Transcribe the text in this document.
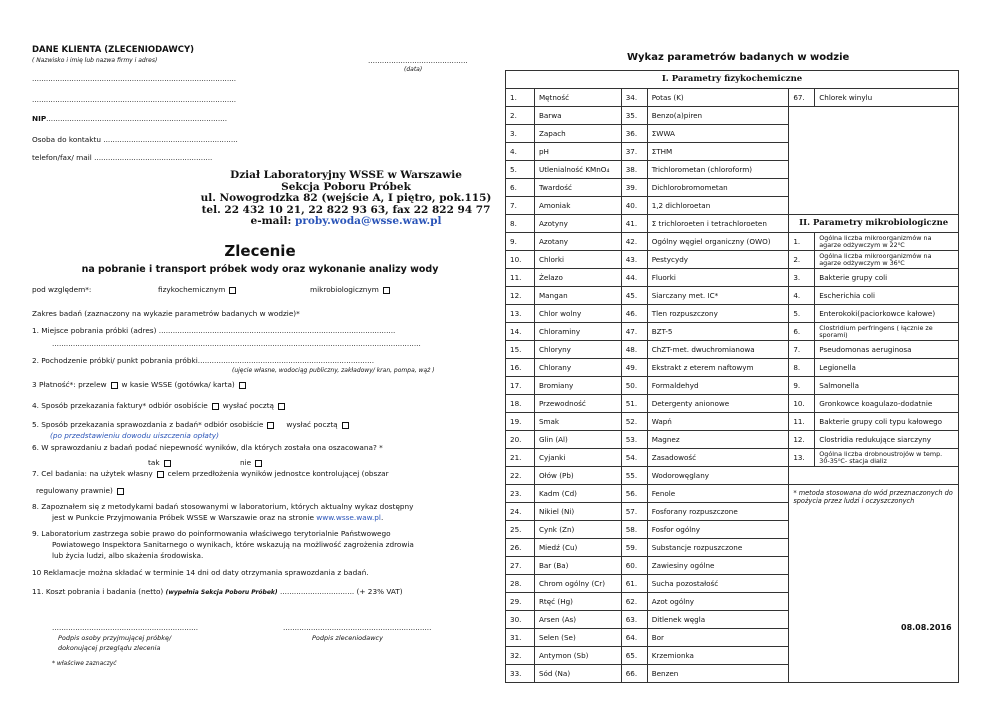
DANE KLIENTA (ZLECENIODAWCY)
( Nazwisko i imię lub nazwa firmy i adres)	...........................................
(data)
........................................................................................
........................................................................................
NIP..............................................................................
Osoba do kontaktu ..........................................................
telefon/fax/ mail ...................................................
Dział Laboratoryjny WSSE w Warszawie
Sekcja Poboru Próbek
ul. Nowogrodzka 82 (wejście A, I piętro, pok.115)
tel. 22 432 10 21, 22 822 93 63, fax 22 822 94 77
e-mail: proby.woda@wsse.waw.pl
Zlecenie
na pobranie i transport próbek wody oraz wykonanie analizy wody
pod względem*:	fizykochemicznym	mikrobiologicznym
Zakres badań (zaznaczony na wykazie parametrów badanych w wodzie)*
1. Miejsce pobrania próbki (adres) ......................................................................................................
...............................................................................................................................................................
2. Pochodzenie próbki/ punkt pobrania próbki............................................................................
(ujęcie własne, wodociąg publiczny, zakładowy/ kran, pompa, wąż )
3 Płatność*: przelew w kasie WSSE (gotówka/ karta)
4. Sposób przekazania faktury* odbiór osobiście wysłać pocztą
5. Sposób przekazania sprawozdania z badań* odbiór osobiście	wysłać pocztą
(po przedstawieniu dowodu uiszczenia opłaty)
6. W sprawozdaniu z badań podać niepewność wyników, dla których została ona oszacowana? *
tak	nie
7. Cel badania: na użytek własny celem przedłożenia wyników jednostce kontrolującej (obszar
regulowany prawnie)
8. Zapoznałem się z metodykami badań stosowanymi w laboratorium, których aktualny wykaz dostępny
jest w Punkcie Przyjmowania Próbek WSSE w Warszawie oraz na stronie www.wsse.waw.pl.
9. Laboratorium zastrzega sobie prawo do poinformowania właściwego terytorialnie Państwowego
Powiatowego Inspektora Sanitarnego o wynikach, które wskazują na możliwość zagrożenia zdrowia
lub życia ludzi, albo skażenia środowiska.
10 Reklamacje można składać w terminie 14 dni od daty otrzymania sprawozdania z badań.
11. Koszt pobrania i badania (netto) (wypełnia Sekcja Poboru Próbek) ................................ (+ 23% VAT)
...............................................................	................................................................
Podpis osoby przyjmującej próbkę/
dokonującej przeglądu zlecenia
Podpis zleceniodawcy
* właściwe zaznaczyć
Wykaz parametrów badanych w wodzie
I. Parametry fizykochemiczne					
1.	Mętność	34.	Potas (K)	67.	Chlorek winylu
2.	Barwa	35.	Benzo(a)piren		
3.	Zapach	36.	ΣWWA		
4.	pH	37.	ΣTHM		
5.	Utlenialność KMnO₄	38.	Trichlorometan (chloroform)		
6.	Twardość	39.	Dichlorobromometan		
7.	Amoniak	40.	1,2 dichloroetan		
8.	Azotyny	41.	Σ trichloroeten i tetrachloroeten	II. Parametry mikrobiologiczne	
9.	Azotany	42.	Ogólny węgiel organiczny (OWO)	1.	Ogólna liczba mikroorganizmów na agarze odżywczym w 22⁰C
10.	Chlorki	43.	Pestycydy	2.	Ogólna liczba mikroorganizmów na agarze odżywczym w 36⁰C
11.	Żelazo	44.	Fluorki	3.	Bakterie grupy coli
12.	Mangan	45.	Siarczany met. IC*	4.	Escherichia coli
13.	Chlor wolny	46.	Tlen rozpuszczony	5.	Enterokoki(paciorkowce kałowe)
14.	Chloraminy	47.	BZT-5	6.	Clostridium perfringens ( łącznie ze sporami)
15.	Chloryny	48.	ChZT-met. dwuchromianowa	7.	Pseudomonas aeruginosa
16.	Chlorany	49.	Ekstrakt z eterem naftowym	8.	Legionella
17.	Bromiany	50.	Formaldehyd	9.	Salmonella
18.	Przewodność	51.	Detergenty anionowe	10.	Gronkowce koagulazo-dodatnie
19.	Smak	52.	Wapń	11.	Bakterie grupy coli typu kałowego
20.	Glin (Al)	53.	Magnez	12.	Clostridia redukujące siarczyny
21.	Cyjanki	54.	Zasadowość	13.	Ogólna liczba drobnoustrojów w temp. 30-35⁰C- stacja dializ
22.	Ołów (Pb)	55.	Wodorowęglany		
23.	Kadm (Cd)	56.	Fenole	* metoda stosowana do wód przeznaczonych do spożycia przez ludzi i oczyszczonych	
24.	Nikiel (Ni)	57.	Fosforany rozpuszczone		
25.	Cynk (Zn)	58.	Fosfor ogólny		
26.	Miedź (Cu)	59.	Substancje rozpuszczone		
27.	Bar (Ba)	60.	Zawiesiny ogólne		
28.	Chrom ogólny (Cr)	61.	Sucha pozostałość		
29.	Rtęć (Hg)	62.	Azot ogólny		
30.	Arsen (As)	63.	Ditlenek węgla		
31.	Selen (Se)	64.	Bor		
32.	Antymon (Sb)	65.	Krzemionka		
33.	Sód (Na)	66.	Benzen		
08.08.2016
